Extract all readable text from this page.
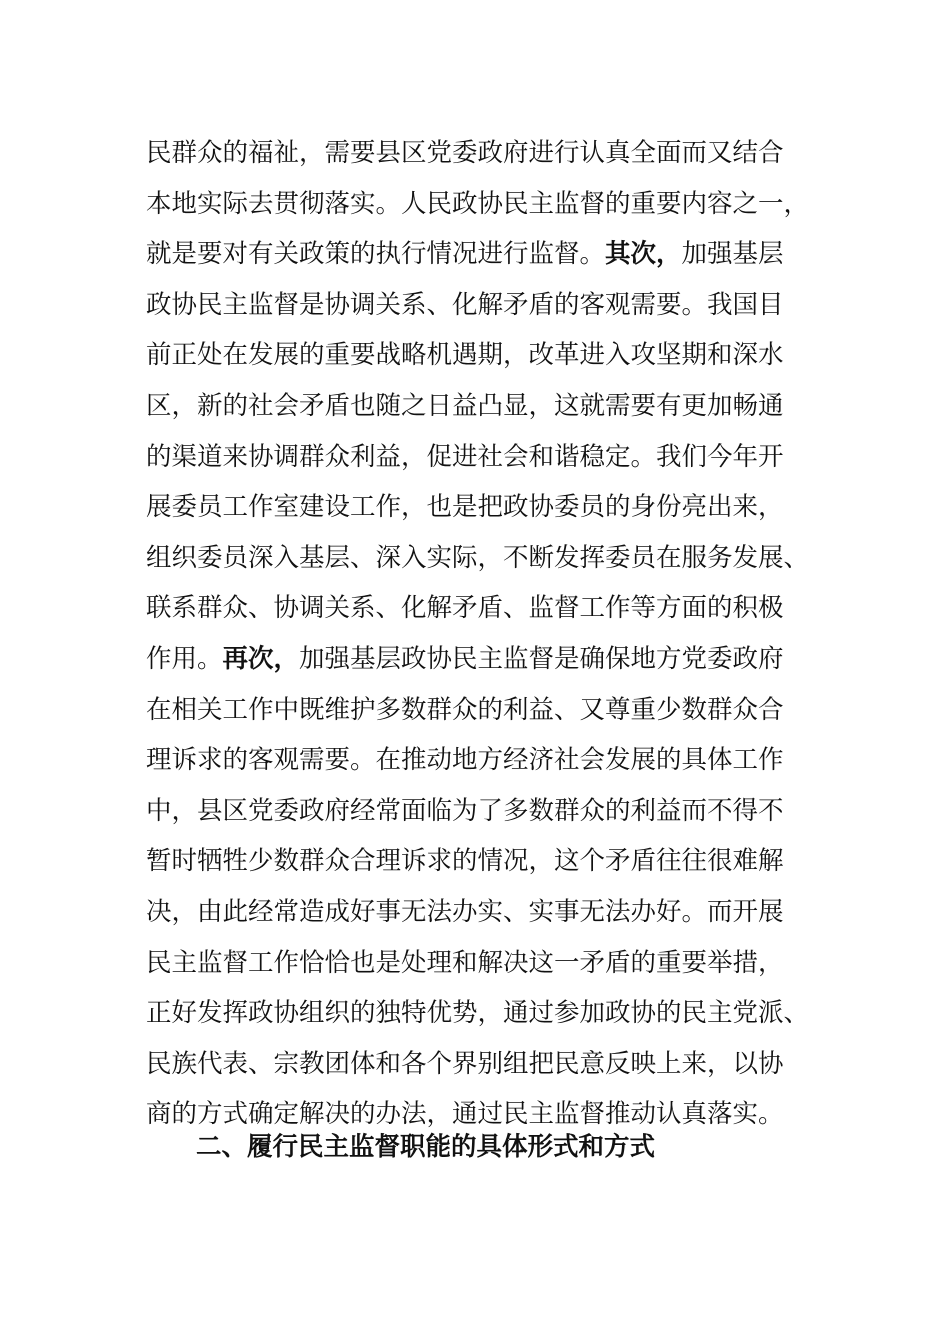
民群众的福祉，需要县区党委政府进行认真全面而又结合
本地实际去贯彻落实。人民政协民主监督的重要内容之一，
就是要对有关政策的执行情况进行监督。其次，加强基层
政协民主监督是协调关系、化解矛盾的客观需要。我国目
前正处在发展的重要战略机遇期，改革进入攻坚期和深水
区，新的社会矛盾也随之日益凸显，这就需要有更加畅通
的渠道来协调群众利益，促进社会和谐稳定。我们今年开
展委员工作室建设工作，也是把政协委员的身份亮出来，
组织委员深入基层、深入实际，不断发挥委员在服务发展、
联系群众、协调关系、化解矛盾、监督工作等方面的积极
作用。再次，加强基层政协民主监督是确保地方党委政府
在相关工作中既维护多数群众的利益、又尊重少数群众合
理诉求的客观需要。在推动地方经济社会发展的具体工作
中，县区党委政府经常面临为了多数群众的利益而不得不
暂时牺牲少数群众合理诉求的情况，这个矛盾往往很难解
决，由此经常造成好事无法办实、实事无法办好。而开展
民主监督工作恰恰也是处理和解决这一矛盾的重要举措，
正好发挥政协组织的独特优势，通过参加政协的民主党派、
民族代表、宗教团体和各个界别组把民意反映上来，以协
商的方式确定解决的办法，通过民主监督推动认真落实。
二、履行民主监督职能的具体形式和方式
